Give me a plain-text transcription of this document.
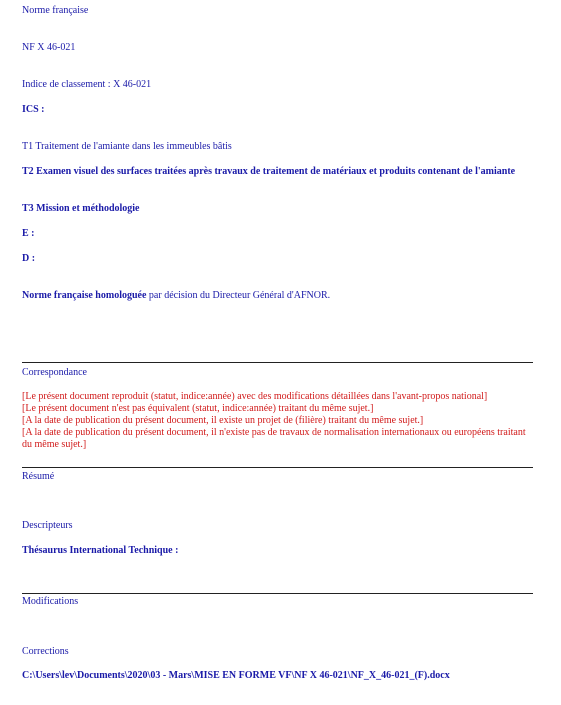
Norme française
NF X 46-021
Indice de classement : X 46-021
ICS :
T1 Traitement de l'amiante dans les immeubles bâtis
T2 Examen visuel des surfaces traitées après travaux de traitement de matériaux et produits contenant de l'amiante
T3 Mission et méthodologie
E :
D :
Norme française homologuée par décision du Directeur Général d'AFNOR.
Correspondance

[Le présent document reproduit (statut, indice:année) avec des modifications détaillées dans l'avant-propos national]

[Le présent document n'est pas équivalent (statut, indice:année) traitant du même sujet.]

[A la date de publication du présent document, il existe un projet de (filière) traitant du même sujet.]

[A la date de publication du présent document, il n'existe pas de travaux de normalisation internationaux ou européens traitant du même sujet.]

Résumé
Descripteurs
Thésaurus International Technique :
Modifications
Corrections
C:\Users\lev\Documents\2020\03 - Mars\MISE EN FORME VF\NF X 46-021\NF_X_46-021_(F).docx
